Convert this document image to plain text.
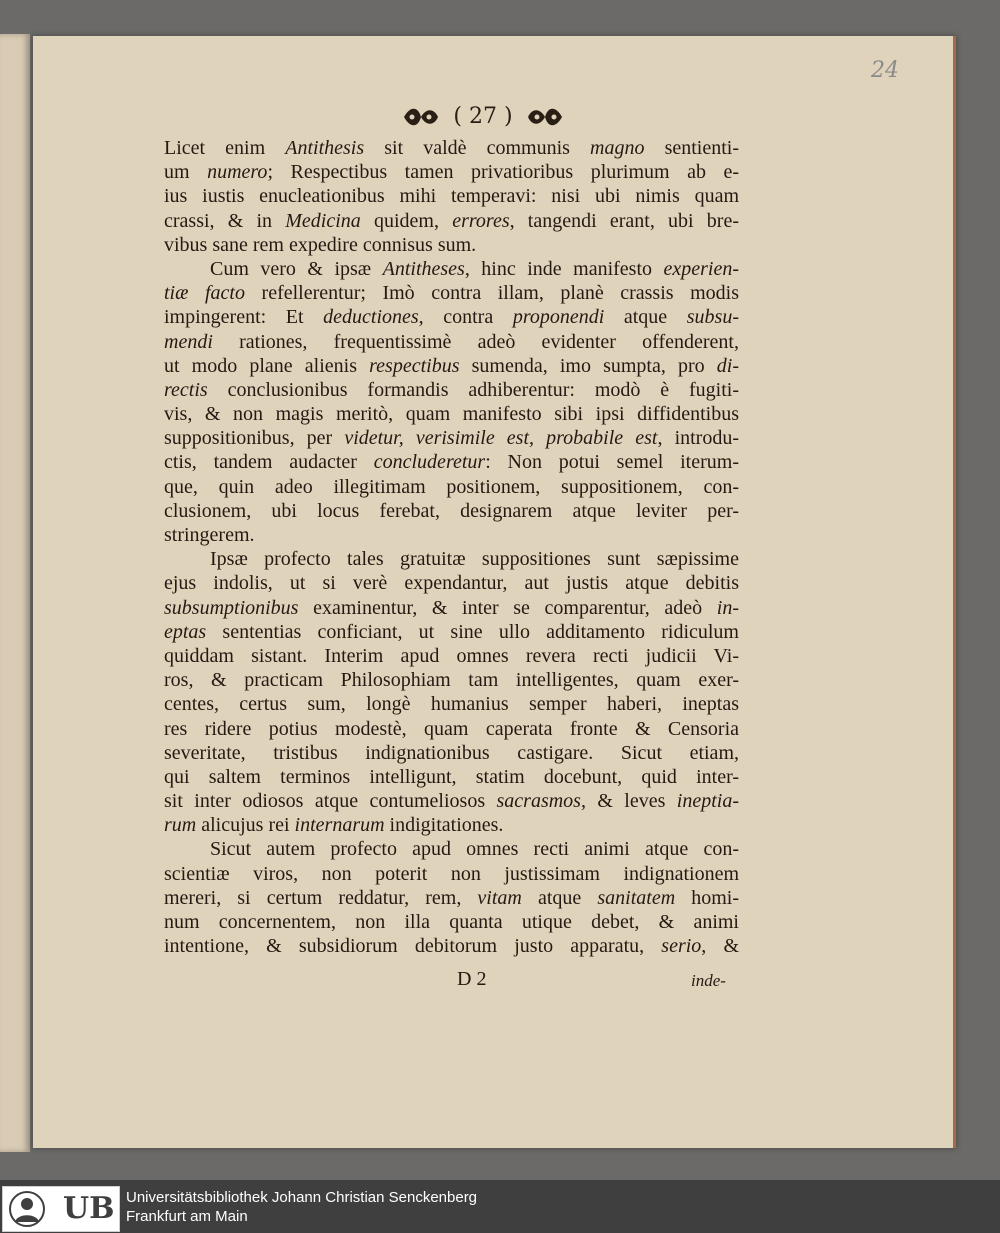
24
( 27 )
Licet enim Antithesis sit valdè communis magno sentienti-
um numero; Respectibus tamen privatioribus plurimum ab e-
ius iustis enucleationibus mihi temperavi: nisi ubi nimis quam
crassi, & in Medicina quidem, errores, tangendi erant, ubi bre-
vibus sane rem expedire connisus sum.
Cum vero & ipsæ Antitheses, hinc inde manifesto experien-
tiæ facto refellerentur; Imò contra illam, planè crassis modis
impingerent: Et deductiones, contra proponendi atque subsu-
mendi rationes, frequentissimè adeò evidenter offenderent,
ut modo plane alienis respectibus sumenda, imo sumpta, pro di-
rectis conclusionibus formandis adhiberentur: modò è fugiti-
vis, & non magis meritò, quam manifesto sibi ipsi diffidentibus
suppositionibus, per videtur, verisimile est, probabile est, introdu-
ctis, tandem audacter concluderetur: Non potui semel iterum-
que, quin adeo illegitimam positionem, suppositionem, con-
clusionem, ubi locus ferebat, designarem atque leviter per-
stringerem.
Ipsæ profecto tales gratuitæ suppositiones sunt sæpissime
ejus indolis, ut si verè expendantur, aut justis atque debitis
subsumptionibus examinentur, & inter se comparentur, adeò in-
eptas sententias conficiant, ut sine ullo additamento ridiculum
quiddam sistant. Interim apud omnes revera recti judicii Vi-
ros, & practicam Philosophiam tam intelligentes, quam exer-
centes, certus sum, longè humanius semper haberi, ineptas
res ridere potius modestè, quam caperata fronte & Censoria
severitate, tristibus indignationibus castigare. Sicut etiam,
qui saltem terminos intelligunt, statim docebunt, quid inter-
sit inter odiosos atque contumeliosos sacrasmos, & leves ineptia-
rum alicujus rei internarum indigitationes.
Sicut autem profecto apud omnes recti animi atque con-
scientiæ viros, non poterit non justissimam indignationem
mereri, si certum reddatur, rem, vitam atque sanitatem homi-
num concernentem, non illa quanta utique debet, & animi
intentione, & subsidiorum debitorum justo apparatu, serio, &
D 2	inde-
UB Universitätsbibliothek Johann Christian Senckenberg
Frankfurt am Main
